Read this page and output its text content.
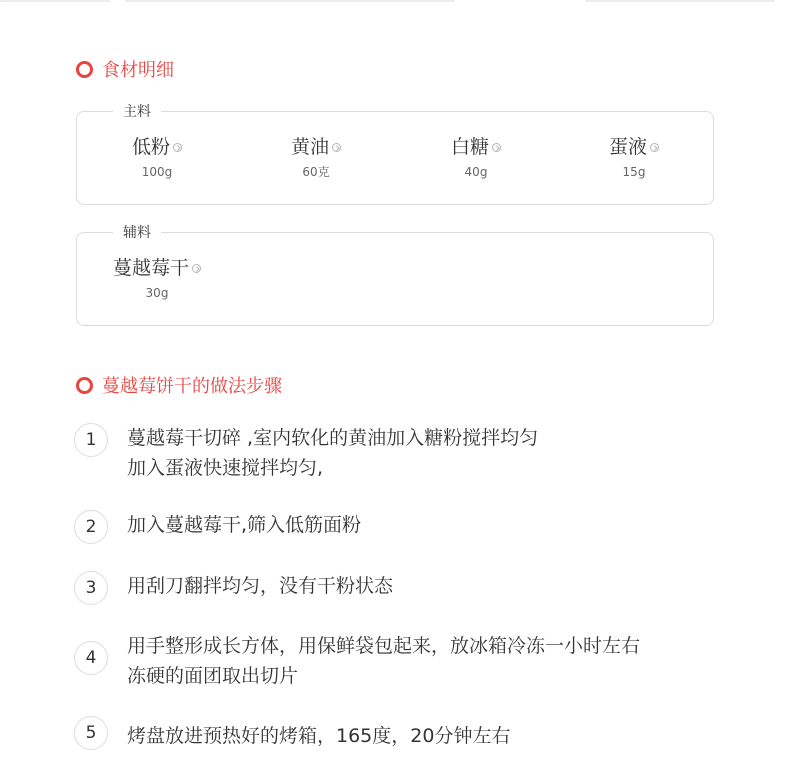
食材明细
主料
低粉
100g
黄油
60克
白糖
40g
蛋液
15g
辅料
蔓越莓干
30g
蔓越莓饼干的做法步骤
1	蔓越莓干切碎 ,室内软化的黄油加入糖粉搅拌均匀
加入蛋液快速搅拌均匀,
2	加入蔓越莓干,筛入低筋面粉
3	用刮刀翻拌均匀，没有干粉状态
4
用手整形成长方体，用保鲜袋包起来，放冰箱冷冻一小时左右
冻硬的面团取出切片
5	烤盘放进预热好的烤箱，165度，20分钟左右
